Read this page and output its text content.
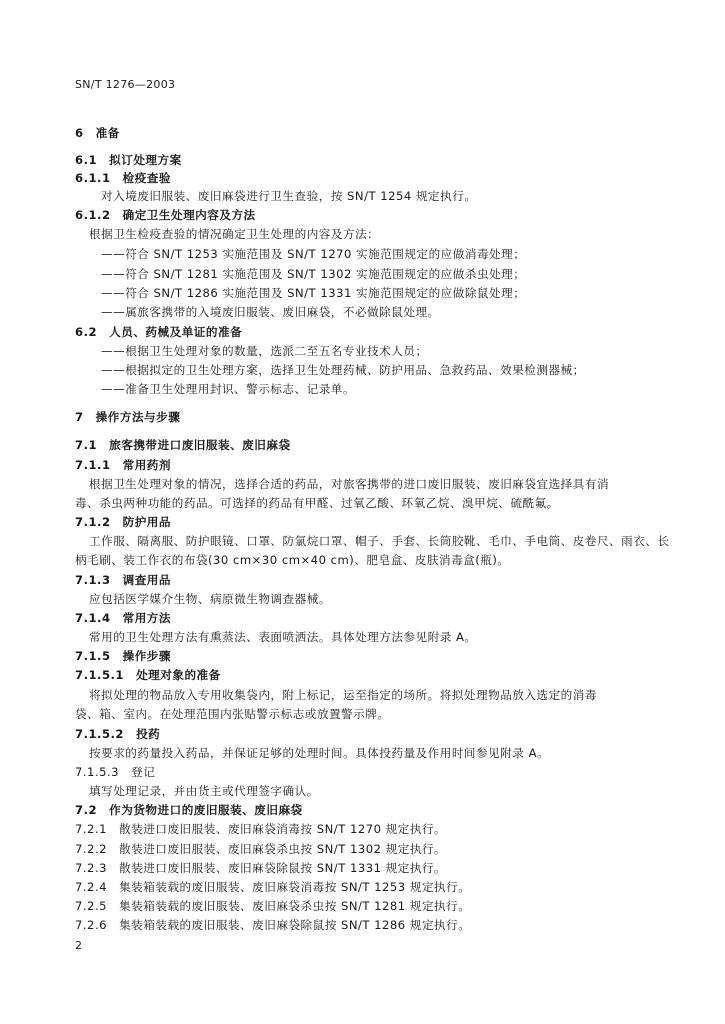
SN/T 1276—2003
6　准备
6.1　拟订处理方案
6.1.1　检疫查验
对入境废旧服装、废旧麻袋进行卫生查验，按 SN/T 1254 规定执行。
6.1.2　确定卫生处理内容及方法
根据卫生检疫查验的情况确定卫生处理的内容及方法：
——符合 SN/T 1253 实施范围及 SN/T 1270 实施范围规定的应做消毒处理；
——符合 SN/T 1281 实施范围及 SN/T 1302 实施范围规定的应做杀虫处理；
——符合 SN/T 1286 实施范围及 SN/T 1331 实施范围规定的应做除鼠处理；
——属旅客携带的入境废旧服装、废旧麻袋，不必做除鼠处理。
6.2　人员、药械及单证的准备
——根据卫生处理对象的数量，选派二至五名专业技术人员；
——根据拟定的卫生处理方案，选择卫生处理药械、防护用品、急救药品、效果检测器械；
——准备卫生处理用封识、警示标志、记录单。
7　操作方法与步骤
7.1　旅客携带进口废旧服装、废旧麻袋
7.1.1　常用药剂
根据卫生处理对象的情况，选择合适的药品，对旅客携带的进口废旧服装、废旧麻袋宜选择具有消
毒、杀虫两种功能的药品。可选择的药品有甲醛、过氧乙酸、环氧乙烷、溴甲烷、硫酰氟。
7.1.2　防护用品
工作服、隔离服、防护眼镜、口罩、防氯烷口罩、帽子、手套、长筒胶靴、毛巾、手电筒、皮卷尺、雨衣、长
柄毛刷、装工作衣的布袋(30 cm×30 cm×40 cm)、肥皂盒、皮肤消毒盒(瓶)。
7.1.3　调查用品
应包括医学媒介生物、病原微生物调查器械。
7.1.4　常用方法
常用的卫生处理方法有熏蒸法、表面喷洒法。具体处理方法参见附录 A。
7.1.5　操作步骤
7.1.5.1　处理对象的准备
将拟处理的物品放入专用收集袋内，附上标记，运至指定的场所。将拟处理物品放入选定的消毒
袋、箱、室内。在处理范围内张贴警示标志或放置警示牌。
7.1.5.2　投药
按要求的药量投入药品，并保证足够的处理时间。具体投药量及作用时间参见附录 A。
7.1.5.3　登记
填写处理记录，并由货主或代理签字确认。
7.2　作为货物进口的废旧服装、废旧麻袋
7.2.1　散装进口废旧服装、废旧麻袋消毒按 SN/T 1270 规定执行。
7.2.2　散装进口废旧服装、废旧麻袋杀虫按 SN/T 1302 规定执行。
7.2.3　散装进口废旧服装、废旧麻袋除鼠按 SN/T 1331 规定执行。
7.2.4　集装箱装载的废旧服装、废旧麻袋消毒按 SN/T 1253 规定执行。
7.2.5　集装箱装载的废旧服装、废旧麻袋杀虫按 SN/T 1281 规定执行。
7.2.6　集装箱装载的废旧服装、废旧麻袋除鼠按 SN/T 1286 规定执行。
2
